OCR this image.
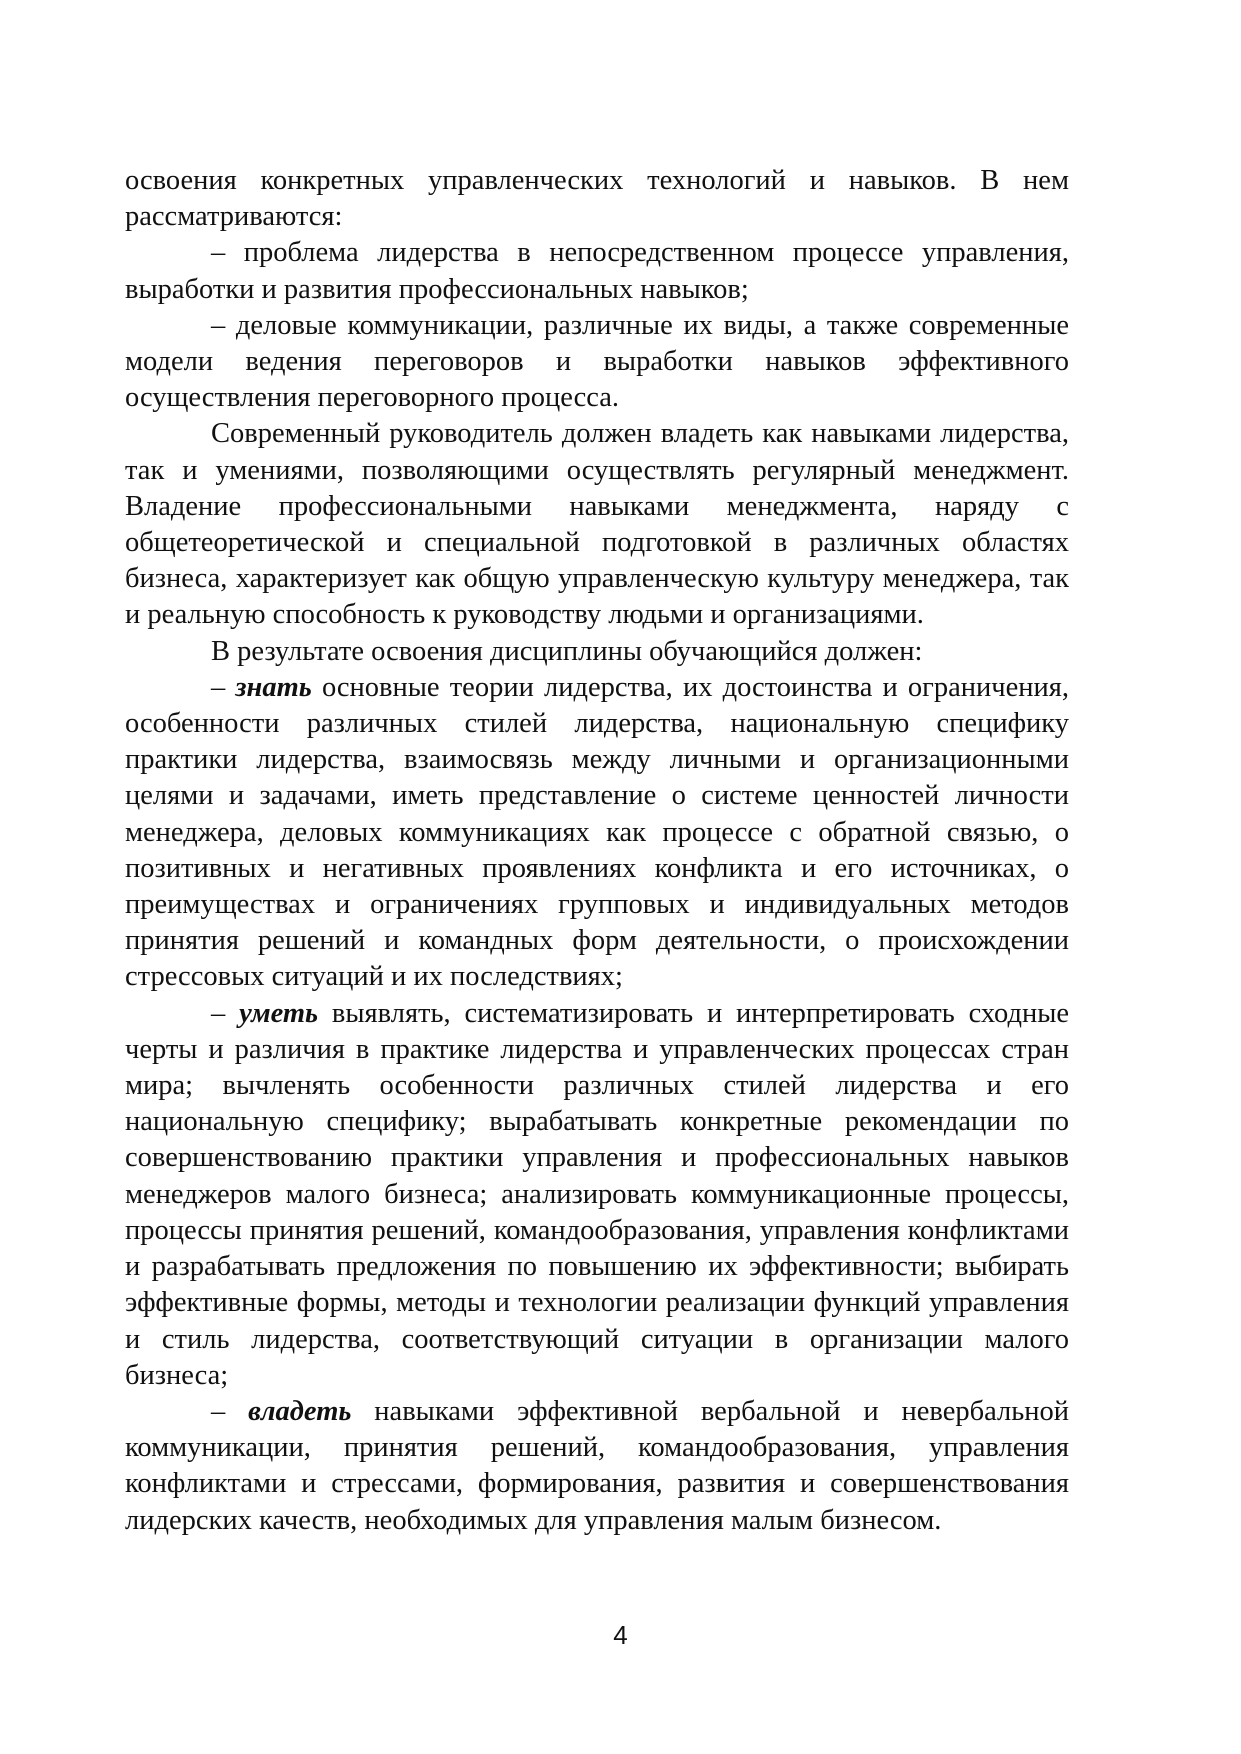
освоения конкретных управленческих технологий и навыков. В нем рассматриваются:

– проблема лидерства в непосредственном процессе управления, выработки и развития профессиональных навыков;

– деловые коммуникации, различные их виды, а также современные модели ведения переговоров и выработки навыков эффективного осуществления переговорного процесса.

Современный руководитель должен владеть как навыками лидерства, так и умениями, позволяющими осуществлять регулярный менеджмент. Владение профессиональными навыками менеджмента, наряду с общетеоретической и специальной подготовкой в различных областях бизнеса, характеризует как общую управленческую культуру менеджера, так и реальную способность к руководству людьми и организациями.

В результате освоения дисциплины обучающийся должен:

– знать основные теории лидерства, их достоинства и ограничения, особенности различных стилей лидерства, национальную специфику практики лидерства, взаимосвязь между личными и организационными целями и задачами, иметь представление о системе ценностей личности менеджера, деловых коммуникациях как процессе с обратной связью, о позитивных и негативных проявлениях конфликта и его источниках, о преимуществах и ограничениях групповых и индивидуальных методов принятия решений и командных форм деятельности, о происхождении стрессовых ситуаций и их последствиях;

– уметь выявлять, систематизировать и интерпретировать сходные черты и различия в практике лидерства и управленческих процессах стран мира; вычленять особенности различных стилей лидерства и его национальную специфику; вырабатывать конкретные рекомендации по совершенствованию практики управления и профессиональных навыков менеджеров малого бизнеса; анализировать коммуникационные процессы, процессы принятия решений, командообразования, управления конфликтами и разрабатывать предложения по повышению их эффективности; выбирать эффективные формы, методы и технологии реализации функций управления и стиль лидерства, соответствующий ситуации в организации малого бизнеса;

– владеть навыками эффективной вербальной и невербальной коммуникации, принятия решений, командообразования, управления конфликтами и стрессами, формирования, развития и совершенствования лидерских качеств, необходимых для управления малым бизнесом.

4
